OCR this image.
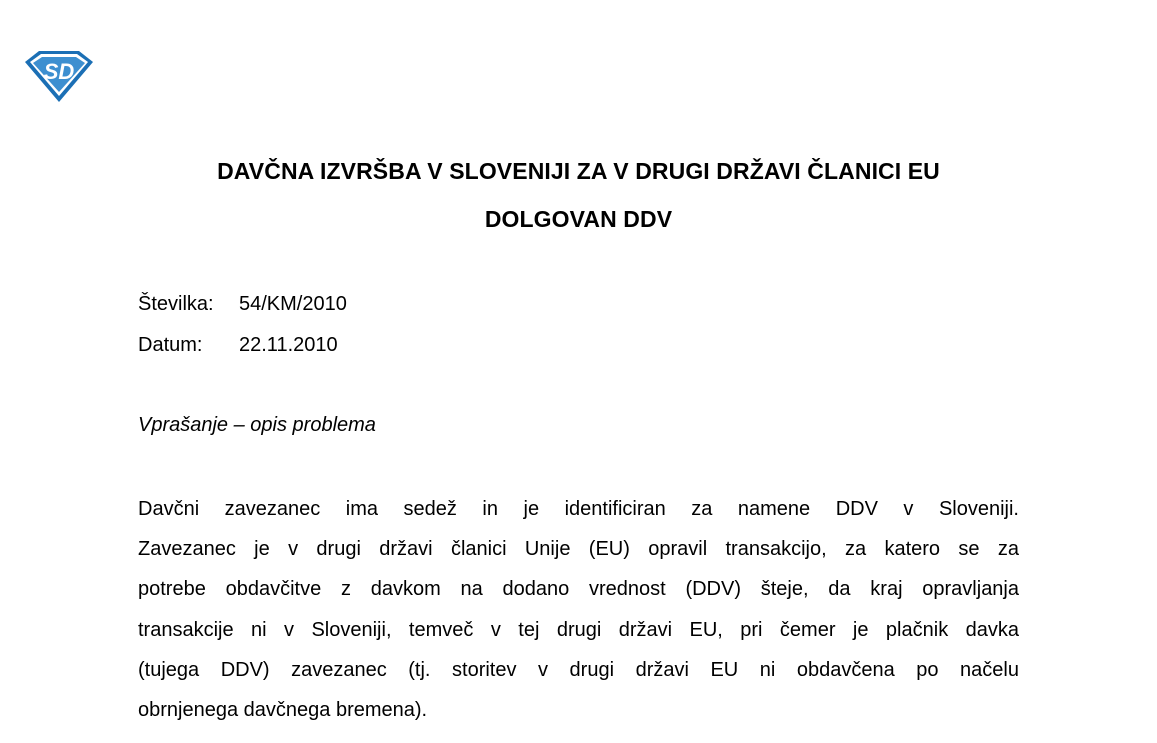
SD
DAVČNA IZVRŠBA V SLOVENIJI ZA V DRUGI DRŽAVI ČLANICI EU
DOLGOVAN DDV
Številka:	54/KM/2010
Datum:	22.11.2010
Vprašanje – opis problema
Davčni zavezanec ima sedež in je identificiran za namene DDV v Sloveniji.
Zavezanec je v drugi državi članici Unije (EU) opravil transakcijo, za katero se za
potrebe obdavčitve z davkom na dodano vrednost (DDV) šteje, da kraj opravljanja
transakcije ni v Sloveniji, temveč v tej drugi državi EU, pri čemer je plačnik davka
(tujega DDV) zavezanec (tj. storitev v drugi državi EU ni obdavčena po načelu
obrnjenega davčnega bremena).
